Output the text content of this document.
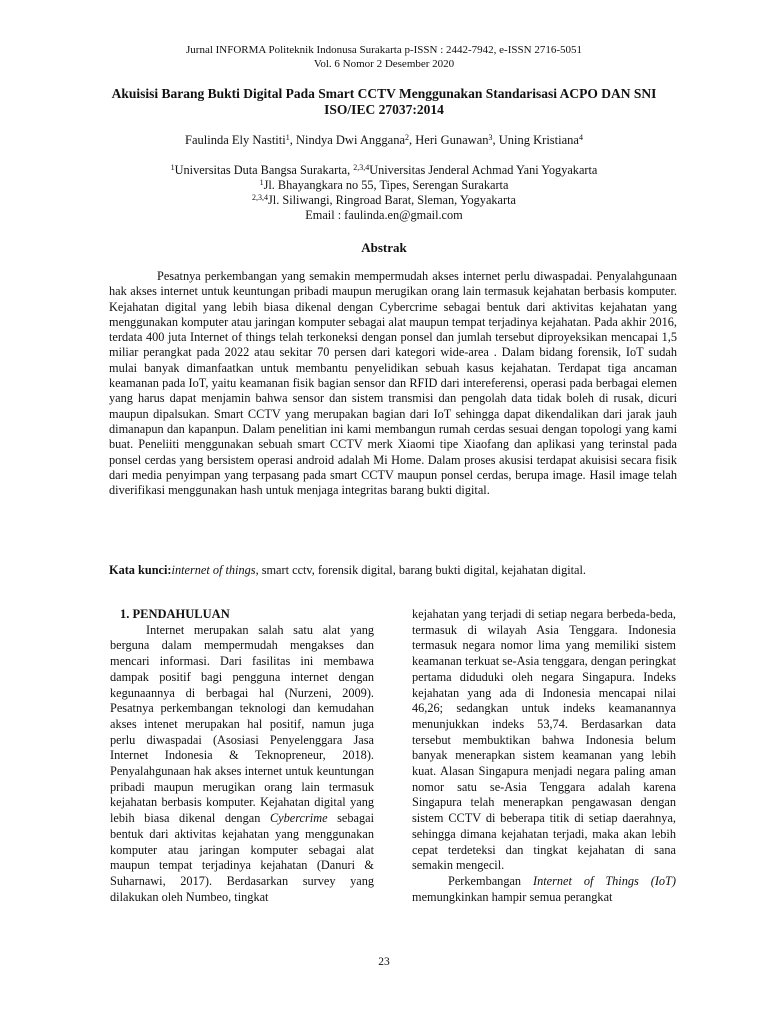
Jurnal INFORMA Politeknik Indonusa Surakarta p-ISSN : 2442-7942, e-ISSN 2716-5051
Vol. 6 Nomor 2 Desember 2020
Akuisisi Barang Bukti Digital Pada Smart CCTV Menggunakan Standarisasi ACPO DAN SNI ISO/IEC 27037:2014
Faulinda Ely Nastiti$^1$, Nindya Dwi Anggana$^2$, Heri Gunawan$^3$, Uning Kristiana$^4$
$^1$Universitas Duta Bangsa Surakarta, $^{2,3,4}$Universitas Jenderal Achmad Yani Yogyakarta
$^1$Jl. Bhayangkara no 55, Tipes, Serengan Surakarta
$^{2,3,4}$Jl. Siliwangi, Ringroad Barat, Sleman, Yogyakarta
Email : faulinda.en@gmail.com
Abstrak

Pesatnya perkembangan yang semakin mempermudah akses internet perlu diwaspadai. Penyalahgunaan hak akses internet untuk keuntungan pribadi maupun merugikan orang lain termasuk kejahatan berbasis komputer. Kejahatan digital yang lebih biasa dikenal dengan Cybercrime sebagai bentuk dari aktivitas kejahatan yang menggunakan komputer atau jaringan komputer sebagai alat maupun tempat terjadinya kejahatan. Pada akhir 2016, terdata 400 juta Internet of things telah terkoneksi dengan ponsel dan jumlah tersebut diproyeksikan mencapai 1,5 miliar perangkat pada 2022 atau sekitar 70 persen dari kategori wide-area . Dalam bidang forensik, IoT sudah mulai banyak dimanfaatkan untuk membantu penyelidikan sebuah kasus kejahatan. Terdapat tiga ancaman keamanan pada IoT, yaitu keamanan fisik bagian sensor dan RFID dari intereferensi, operasi pada berbagai elemen yang harus dapat menjamin bahwa sensor dan sistem transmisi dan pengolah data tidak boleh di rusak, dicuri maupun dipalsukan. Smart CCTV yang merupakan bagian dari IoT sehingga dapat dikendalikan dari jarak jauh dimanapun dan kapanpun. Dalam penelitian ini kami membangun rumah cerdas sesuai dengan topologi yang kami buat. Peneliiti menggunakan sebuah smart CCTV merk Xiaomi tipe Xiaofang dan aplikasi yang terinstal pada ponsel cerdas yang bersistem operasi android adalah Mi Home. Dalam proses akusisi terdapat akuisisi secara fisik dari media penyimpan yang terpasang pada smart CCTV maupun ponsel cerdas, berupa image. Hasil image telah diverifikasi menggunakan hash untuk menjaga integritas barang bukti digital.

Kata kunci:internet of things, smart cctv, forensik digital, barang bukti digital, kejahatan digital.

1. PENDAHULUAN

Internet merupakan salah satu alat yang berguna dalam mempermudah mengakses dan mencari informasi. Dari fasilitas ini membawa dampak positif bagi pengguna internet dengan kegunaannya di berbagai hal (Nurzeni, 2009). Pesatnya perkembangan teknologi dan kemudahan akses intenet merupakan hal positif, namun juga perlu diwaspadai (Asosiasi Penyelenggara Jasa Internet Indonesia & Teknopreneur, 2018). Penyalahgunaan hak akses internet untuk keuntungan pribadi maupun merugikan orang lain termasuk kejahatan berbasis komputer. Kejahatan digital yang lebih biasa dikenal dengan Cybercrime sebagai bentuk dari aktivitas kejahatan yang menggunakan komputer atau jaringan komputer sebagai alat maupun tempat terjadinya kejahatan (Danuri & Suharnawi, 2017). Berdasarkan survey yang dilakukan oleh Numbeo, tingkat

kejahatan yang terjadi di setiap negara berbeda-beda, termasuk di wilayah Asia Tenggara. Indonesia termasuk negara nomor lima yang memiliki sistem keamanan terkuat se-Asia tenggara, dengan peringkat pertama diduduki oleh negara Singapura. Indeks kejahatan yang ada di Indonesia mencapai nilai 46,26; sedangkan untuk indeks keamanannya menunjukkan indeks 53,74. Berdasarkan data tersebut membuktikan bahwa Indonesia belum banyak menerapkan sistem keamanan yang lebih kuat. Alasan Singapura menjadi negara paling aman nomor satu se-Asia Tenggara adalah karena Singapura telah menerapkan pengawasan dengan sistem CCTV di beberapa titik di setiap daerahnya, sehingga dimana kejahatan terjadi, maka akan lebih cepat terdeteksi dan tingkat kejahatan di sana semakin mengecil.

Perkembangan Internet of Things (IoT) memungkinkan hampir semua perangkat

23
